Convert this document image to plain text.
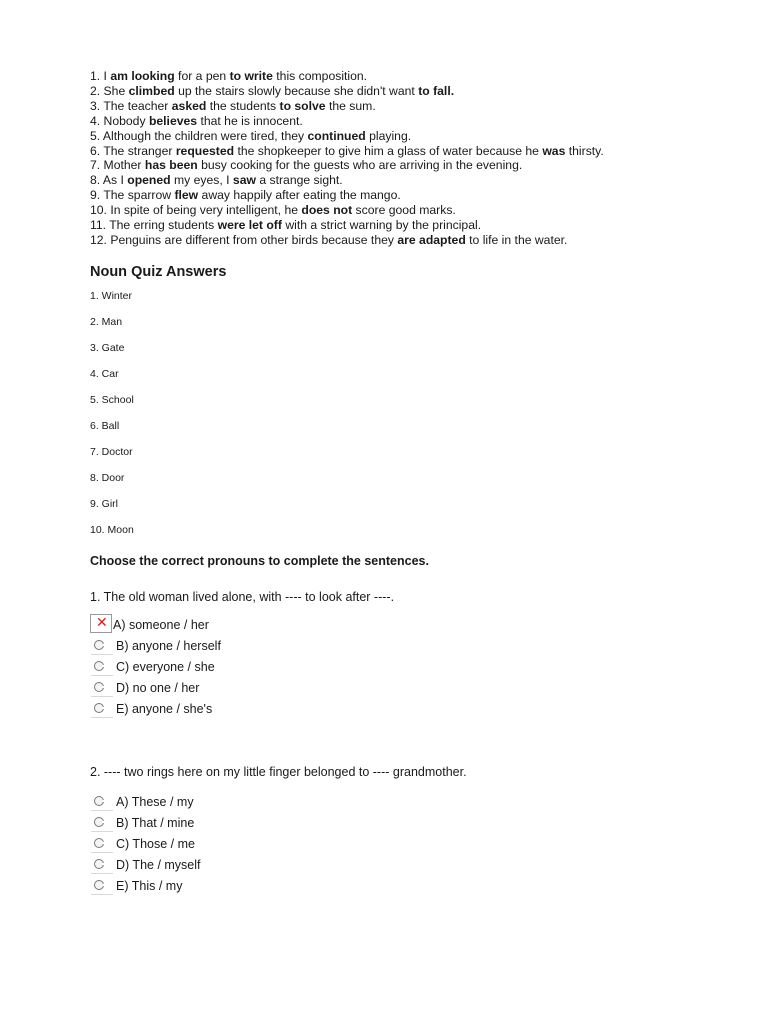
1. I am looking for a pen to write this composition.
2. She climbed up the stairs slowly because she didn't want to fall.
3. The teacher asked the students to solve the sum.
4. Nobody believes that he is innocent.
5. Although the children were tired, they continued playing.
6. The stranger requested the shopkeeper to give him a glass of water because he was thirsty.
7. Mother has been busy cooking for the guests who are arriving in the evening.
8. As I opened my eyes, I saw a strange sight.
9. The sparrow flew away happily after eating the mango.
10. In spite of being very intelligent, he does not score good marks.
11. The erring students were let off with a strict warning by the principal.
12. Penguins are different from other birds because they are adapted to life in the water.
Noun Quiz Answers
1. Winter
2. Man
3. Gate
4. Car
5. School
6. Ball
7. Doctor
8. Door
9. Girl
10. Moon
Choose the correct pronouns to complete the sentences.
1. The old woman lived alone, with ---- to look after ----.
✕ A) someone / her
B) anyone / herself
C) everyone / she
D) no one / her
E) anyone / she's
2. ---- two rings here on my little finger belonged to ---- grandmother.
A) These / my
B) That / mine
C) Those / me
D) The / myself
E) This / my
